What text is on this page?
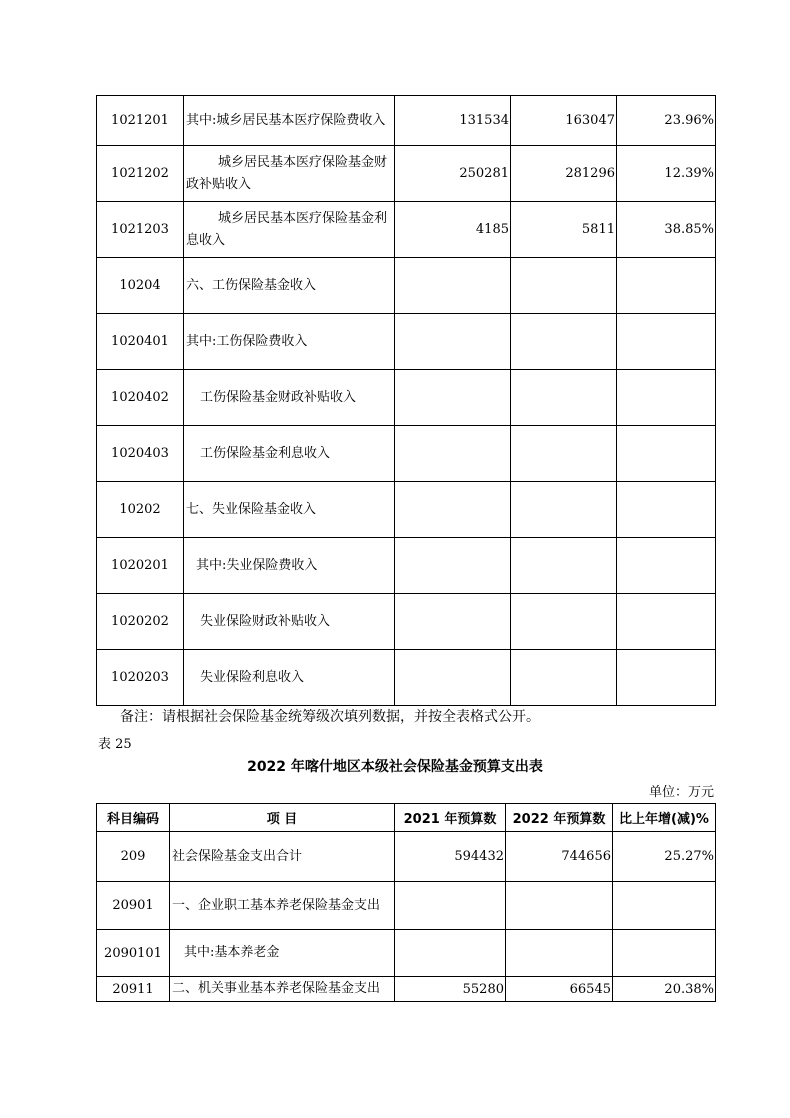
1021201	其中:城乡居民基本医疗保险费收入	131534	163047	23.96%
1021202	城乡居民基本医疗保险基金财政补贴收入	250281	281296	12.39%
1021203	城乡居民基本医疗保险基金利息收入	4185	5811	38.85%
10204	六、工伤保险基金收入			
1020401	其中:工伤保险费收入			
1020402	工伤保险基金财政补贴收入			
1020403	工伤保险基金利息收入			
10202	七、失业保险基金收入			
1020201	其中:失业保险费收入			
1020202	失业保险财政补贴收入			
1020203	失业保险利息收入			
备注：请根据社会保险基金统筹级次填列数据，并按全表格式公开。
表 25
2022 年喀什地区本级社会保险基金预算支出表
单位：万元
科目编码	项 目	2021 年预算数	2022 年预算数	比上年增(减)%
209	社会保险基金支出合计	594432	744656	25.27%
20901	一、企业职工基本养老保险基金支出			
2090101	其中:基本养老金			
20911	二、机关事业基本养老保险基金支出	55280	66545	20.38%
